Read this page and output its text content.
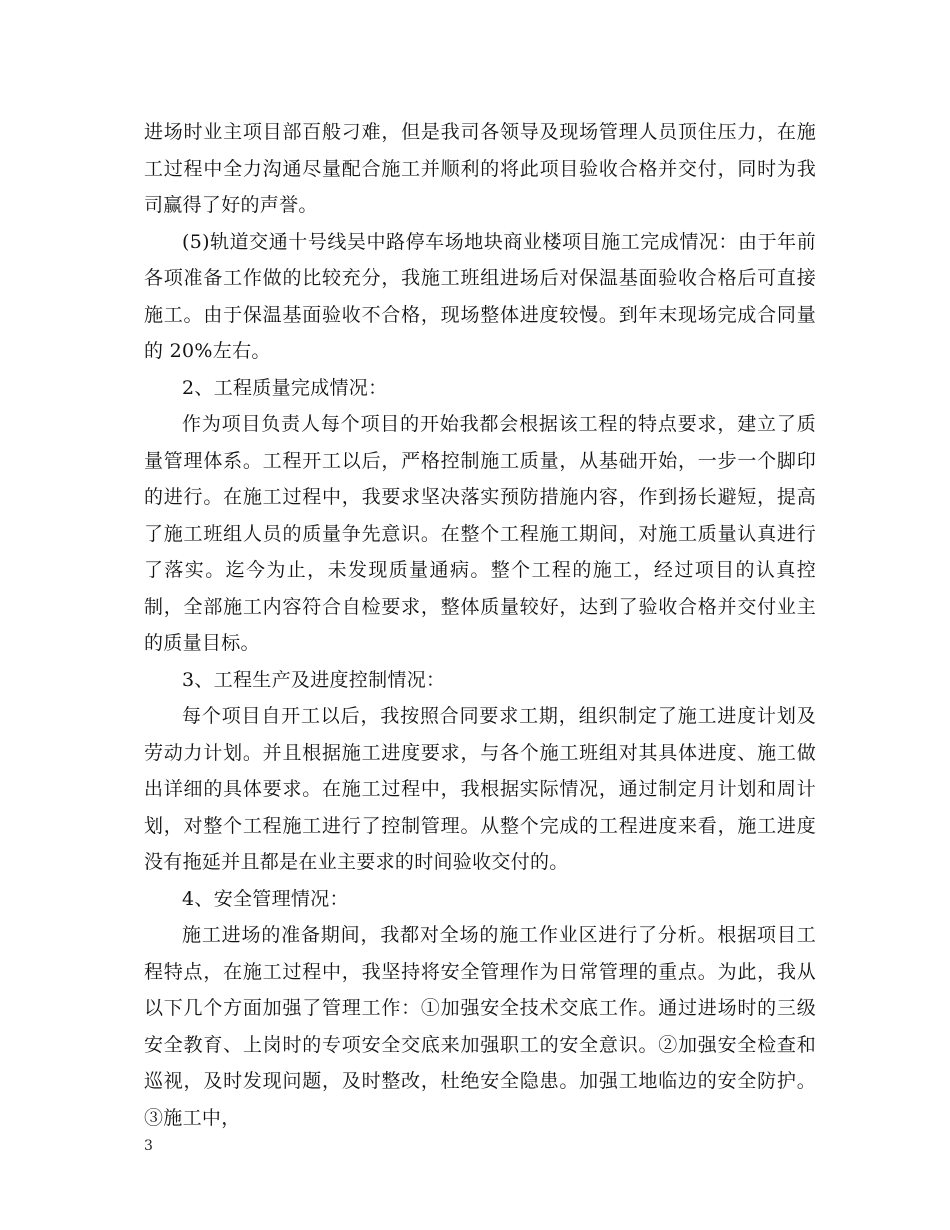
进场时业主项目部百般刁难，但是我司各领导及现场管理人员顶住压力，在施工过程中全力沟通尽量配合施工并顺利的将此项目验收合格并交付，同时为我司赢得了好的声誉。

(5)轨道交通十号线吴中路停车场地块商业楼项目施工完成情况：由于年前各项准备工作做的比较充分，我施工班组进场后对保温基面验收合格后可直接施工。由于保温基面验收不合格，现场整体进度较慢。到年末现场完成合同量的 20%左右。

2、工程质量完成情况：

作为项目负责人每个项目的开始我都会根据该工程的特点要求，建立了质量管理体系。工程开工以后，严格控制施工质量，从基础开始，一步一个脚印的进行。在施工过程中，我要求坚决落实预防措施内容，作到扬长避短，提高了施工班组人员的质量争先意识。在整个工程施工期间，对施工质量认真进行了落实。迄今为止，未发现质量通病。整个工程的施工，经过项目的认真控制，全部施工内容符合自检要求，整体质量较好，达到了验收合格并交付业主的质量目标。

3、工程生产及进度控制情况：

每个项目自开工以后，我按照合同要求工期，组织制定了施工进度计划及劳动力计划。并且根据施工进度要求，与各个施工班组对其具体进度、施工做出详细的具体要求。在施工过程中，我根据实际情况，通过制定月计划和周计划，对整个工程施工进行了控制管理。从整个完成的工程进度来看，施工进度没有拖延并且都是在业主要求的时间验收交付的。

4、安全管理情况：

施工进场的准备期间，我都对全场的施工作业区进行了分析。根据项目工程特点，在施工过程中，我坚持将安全管理作为日常管理的重点。为此，我从以下几个方面加强了管理工作：①加强安全技术交底工作。通过进场时的三级安全教育、上岗时的专项安全交底来加强职工的安全意识。②加强安全检查和巡视，及时发现问题，及时整改，杜绝安全隐患。加强工地临边的安全防护。③施工中，

3
